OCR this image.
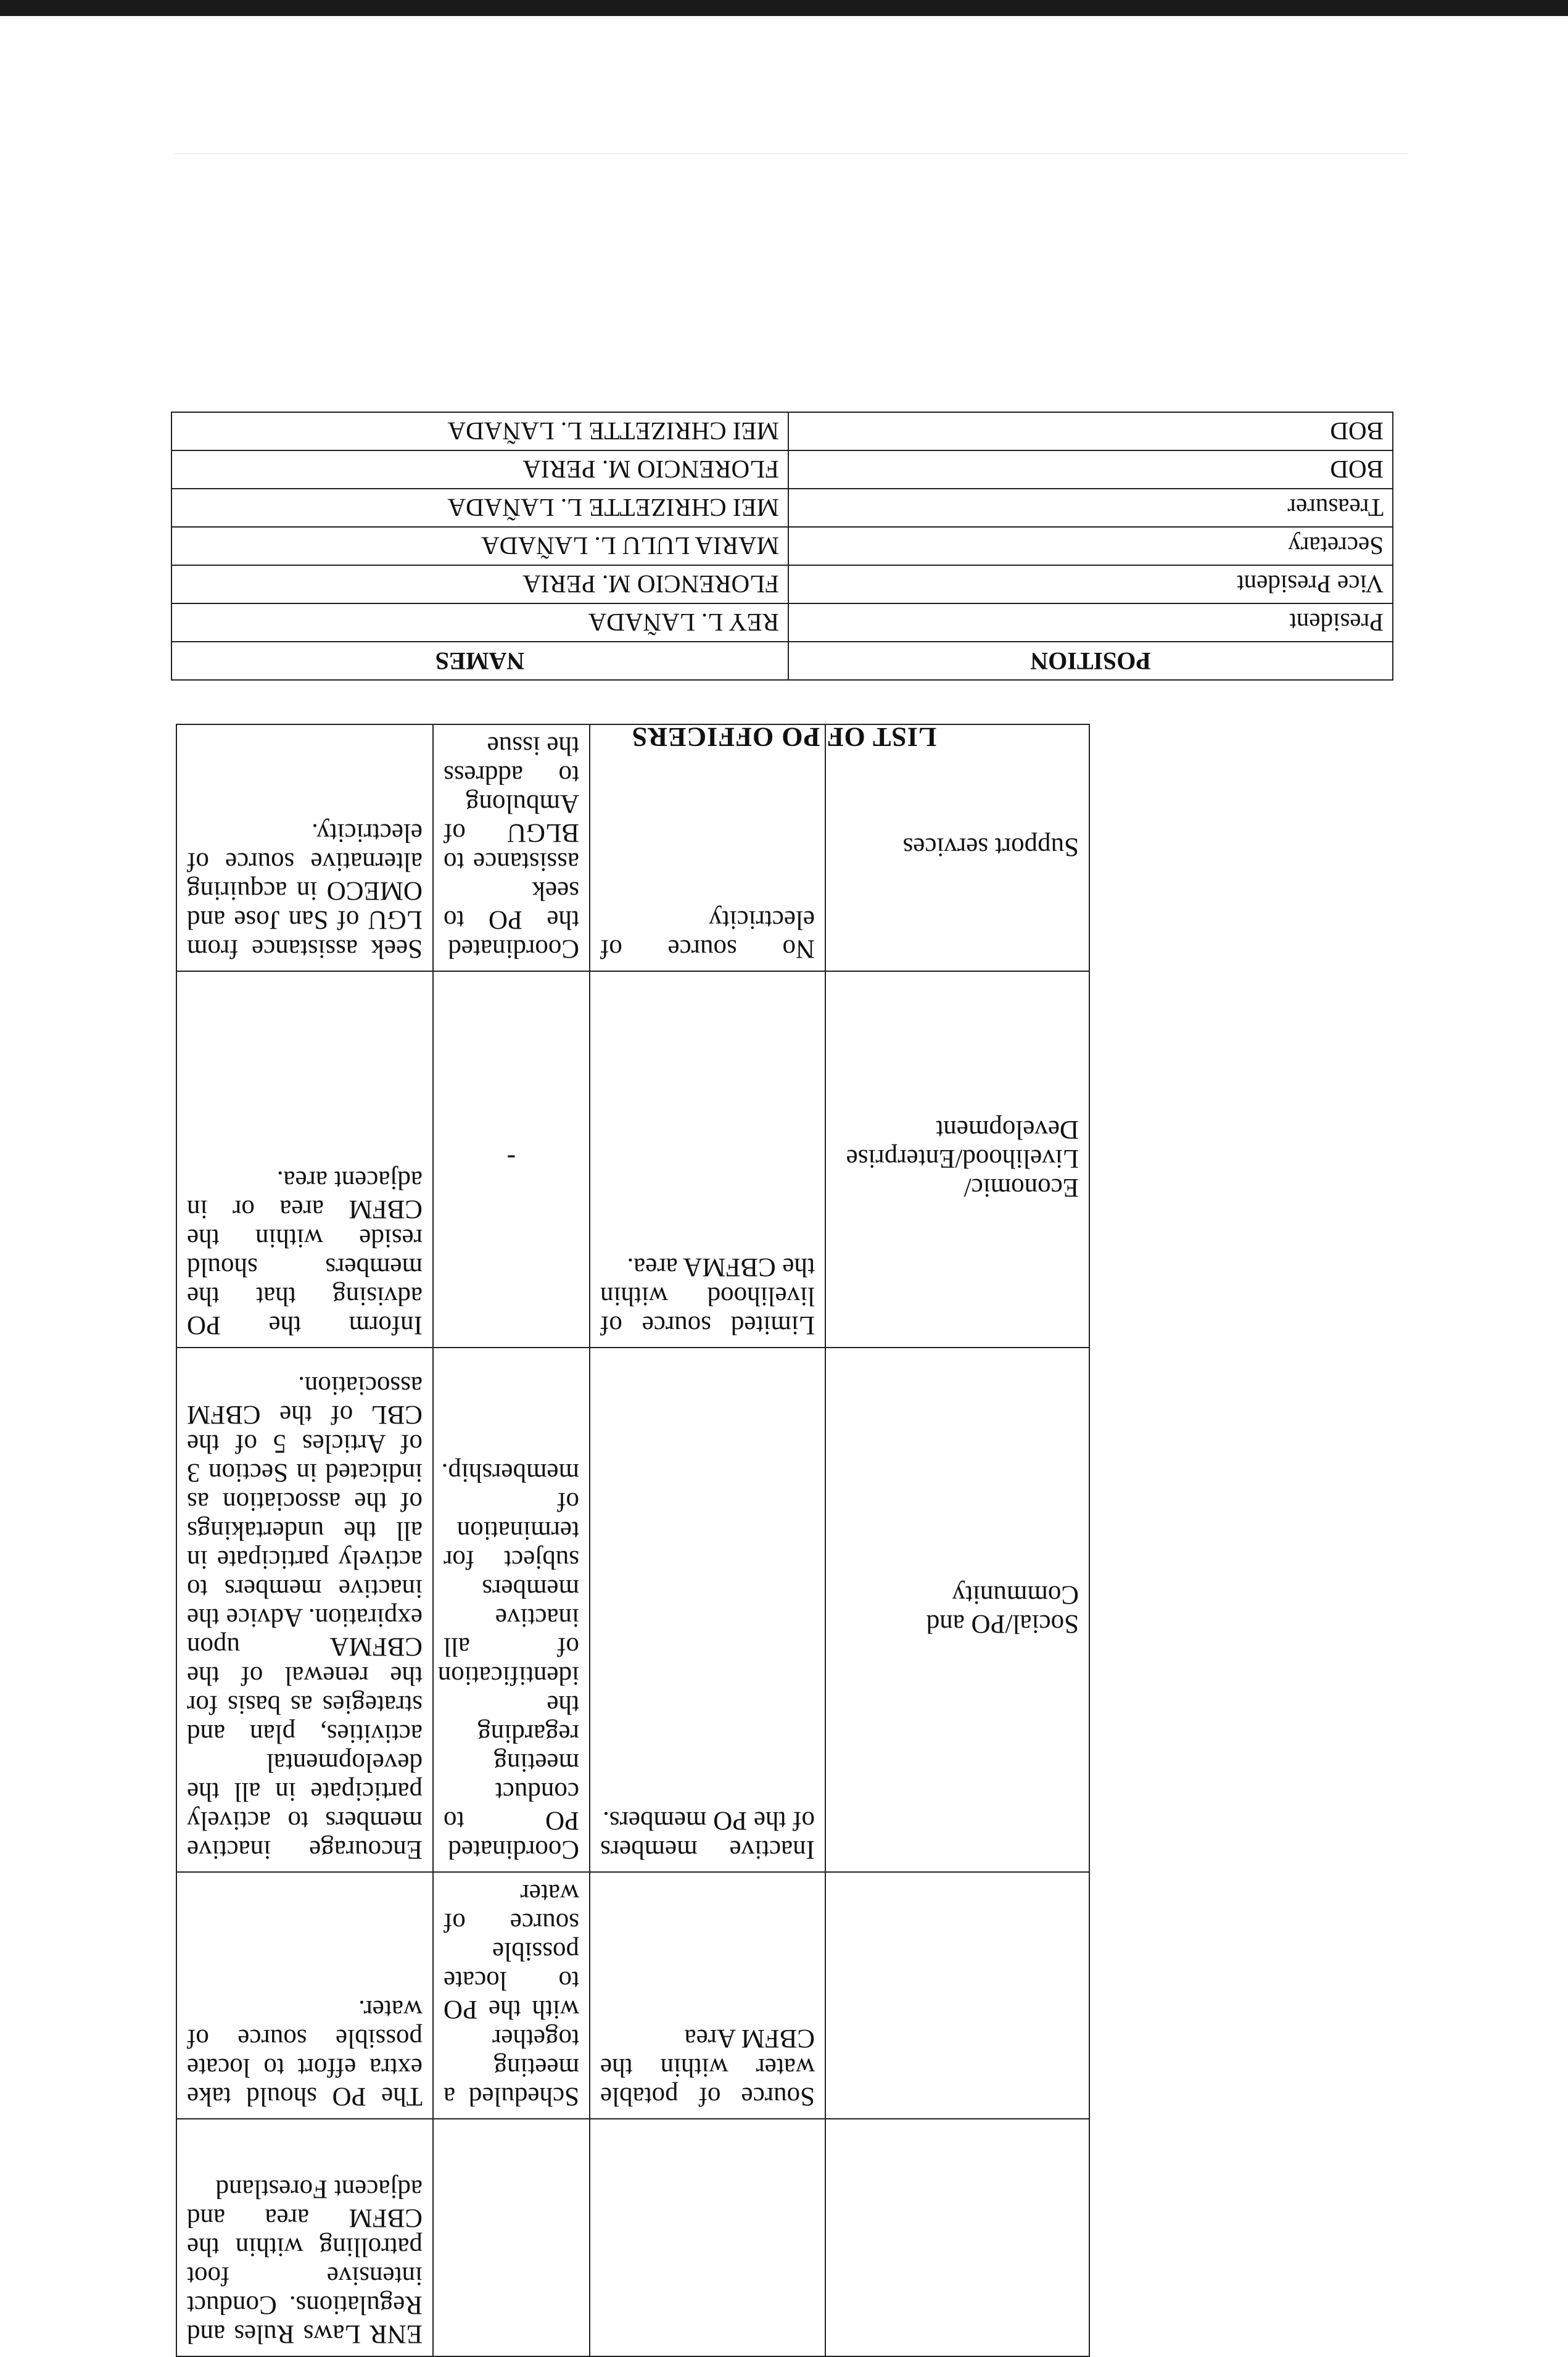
			ENR Laws Rules and Regulations. Conduct intensive foot patrolling within the CBFM area and adjacent Forestland
	Source of potable water within the CBFM Area	Scheduled a meeting together with the PO to locate possible source of water	The PO should take extra effort to locate possible source of water.
Social/PO and Community	Inactive members of the PO members.	Coordinated PO to conduct meeting regarding the identification of all inactive members subject for termination of membership.	Encourage inactive members to actively participate in all the developmental activities, plan and strategies as basis for the renewal of the CBFMA upon expiration. Advice the inactive members to actively participate in all the undertakings of the association as indicated in Section 3 of Articles 5 of the CBL of the CBFM association.
Economic/ Livelihood/Enterprise Development	Limited source of livelihood within the CBFMA area.	-	Inform the PO advising that the members should reside within the CBFM area or in adjacent area.
Support services	No source of electricity	Coordinated the PO to seek assistance to BLGU of Ambulong to address the issue	Seek assistance from LGU of San Jose and OMECO in acquiring alternative source of electricity.
LIST OF PO OFFICERS
POSITION	NAMES
President	REY L. LAÑADA
Vice President	FLORENCIO M. PERIA
Secretary	MARIA LULU L. LAÑADA
Treasurer	MEI CHRIZETTE L. LAÑADA
BOD	FLORENCIO M. PERIA
BOD	MEI CHRIZETTE L. LAÑADA
